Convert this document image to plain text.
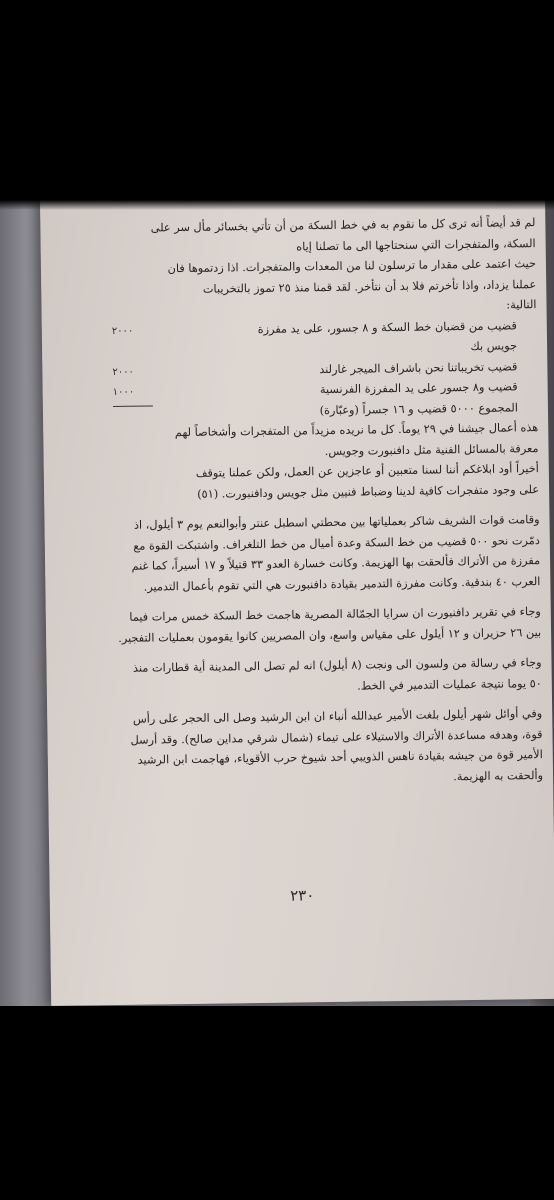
لم قد أيضاً أنه ترى كل ما نقوم به في خط السكة من أن تأتي بخسائر مأل سر على
السكة، والمتفجرات التي سنحتاجها الى ما تصلنا إياه
حيث اعتمد على مقدار ما ترسلون لنا من المعدات والمتفجرات. اذا زدتموها فان
عملنا يزداد، واذا تأخرتم فلا بد أن نتأخر. لقد قمنا منذ ٢٥ تموز بالتخريبات
التالية:
قضيب من قضبان خط السكة و ٨ جسور، على يد مفرزة
٢٠٠٠
جويس بك
قضيب تخريباتنا نحن باشراف الميجر غارلند
٢٠٠٠
قضيب و٨ جسور على يد المفرزة الفرنسية
١٠٠٠
المجموع ٥٠٠٠ قضيب و ١٦ جسراً (وعبّارة)
هذه أعمال جيشنا في ٢٩ يوماً. كل ما نريده مزيداً من المتفجرات وأشخاصاً لهم
معرفة بالمسائل الفنية مثل دافنبورت وجويس.
أخيراً أود ابلاغكم أننا لسنا متعبين أو عاجزين عن العمل، ولكن عملنا يتوقف
على وجود متفجرات كافية لدينا وضباط فنيين مثل جويس ودافنبورت. (٥١)
وقامت قوات الشريف شاكر بعملياتها بين محطتي اسطبل عنتر وأبوالنعم يوم ٣ أيلول، اذ
دمّرت نحو ٥٠٠ قضيب من خط السكة وعدة أميال من خط التلغراف. واشتبكت القوة مع
مفرزة من الأتراك فألحقت بها الهزيمة. وكانت خسارة العدو ٣٣ قتيلاً و ١٧ أسيراً، كما غنم
العرب ٤٠ بندقية. وكانت مفرزة التدمير بقيادة دافنبورت هي التي تقوم بأعمال التدمير.
وجاء في تقرير دافنبورت ان سرايا الجمّالة المصرية هاجمت خط السكة خمس مرات فيما
بين ٢٦ حزيران و ١٢ أيلول على مقياس واسع، وان المصريين كانوا يقومون بعمليات التفجير.
وجاء في رسالة من ولسون الى ونجت (٨ أيلول) انه لم تصل الى المدينة أية قطارات منذ
٥٠ يوما نتيجة عمليات التدمير في الخط.
وفي أوائل شهر أيلول بلغت الأمير عبدالله أنباء ان ابن الرشيد وصل الى الحجر على رأس
قوة، وهدفه مساعدة الأتراك والاستيلاء على تيماء (شمال شرقي مداين صالح). وقد أرسل
الأمير قوة من جيشه بقيادة ناهس الذويبي أحد شيوخ حرب الأقوياء، فهاجمت ابن الرشيد
وألحقت به الهزيمة.
٢٣٠
